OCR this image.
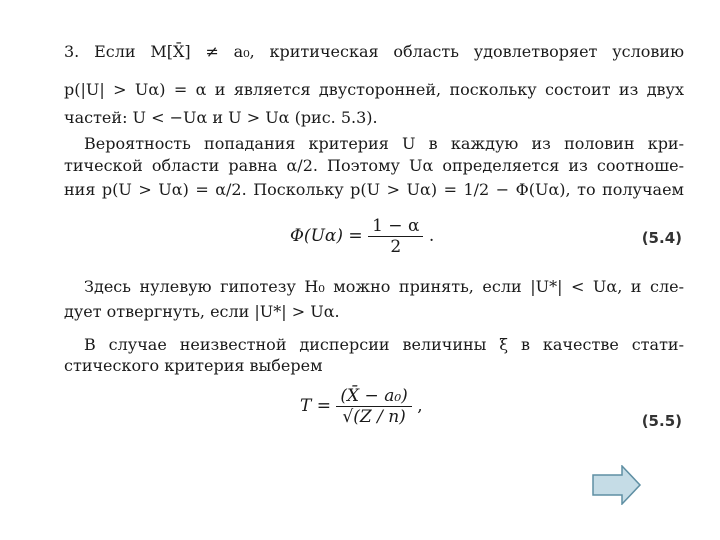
3. Если M[X̄] ≠ a₀, критическая область удовлетворяет условию

p(|U| > Uα) = α и является двусторонней, поскольку состоит из двух

частей: U < −Uα и U > Uα (рис. 5.3).

Вероятность попадания критерия U в каждую из половин кри-

тической области равна α/2. Поэтому Uα определяется из соотноше-

ния p(U > Uα) = α/2. Поскольку p(U > Uα) = 1/2 − Φ(Uα), то получаем

$\Phi(U\alpha) = \frac{1 - \alpha}{2}$ .	(5.4)

Здесь нулевую гипотезу H₀ можно принять, если |U*| < Uα, и сле-

дует отвергнуть, если |U*| > Uα.

В случае неизвестной дисперсии величины ξ в качестве стати-

стического критерия выберем

$T = \frac{\text{(X̄ − a₀)}}{√(Z / n)}$ ,
(5.5)
